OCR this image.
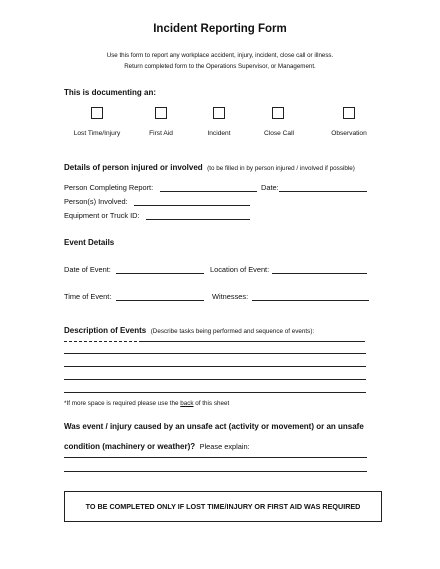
Incident Reporting Form
Use this form to report any workplace accident, injury, incident, close call or illness.
Return completed form to the Operations Supervisor, or Management.
This is documenting an:
Lost Time/Injury	First Aid	Incident	Close Call	Observation
Details of person injured or involved (to be filled in by person injured / involved if possible)
Person Completing Report:	Date:
Person(s) Involved:
Equipment or Truck ID:
Event Details
Date of Event:	Location of Event:
Time of Event:	Witnesses:
Description of Events (Describe tasks being performed and sequence of events):
*If more space is required please use the back of this sheet
Was event / injury caused by an unsafe act (activity or movement) or an unsafe
condition (machinery or weather)? Please explain:
TO BE COMPLETED ONLY IF LOST TIME/INJURY OR FIRST AID WAS REQUIRED
